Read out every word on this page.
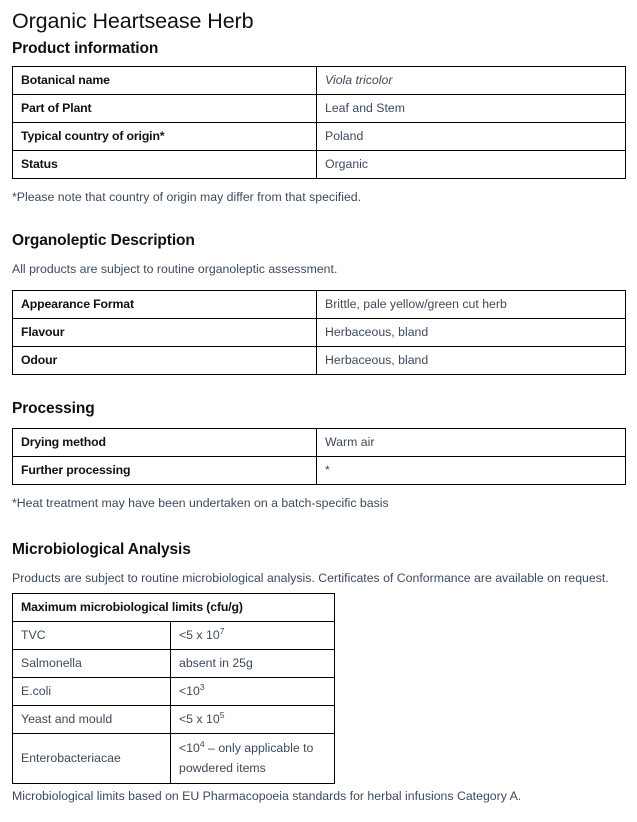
Organic Heartsease Herb
Product information
Botanical name	Viola tricolor
Part of Plant	Leaf and Stem
Typical country of origin*	Poland
Status	Organic

*Please note that country of origin may differ from that specified.

Organoleptic Description

All products are subject to routine organoleptic assessment.

Appearance Format	Brittle, pale yellow/green cut herb
Flavour	Herbaceous, bland
Odour	Herbaceous, bland
Processing
Drying method	Warm air
Further processing	*

*Heat treatment may have been undertaken on a batch-specific basis

Microbiological Analysis

Products are subject to routine microbiological analysis. Certificates of Conformance are available on request.

Maximum microbiological limits (cfu/g)	
TVC	<5 x $10^7$
Salmonella	absent in 25g
E.coli	$<10^3$
Yeast and mould	<5 x $10^5$
Enterobacteriacae	$<10^4$ – only applicable to powdered items

Microbiological limits based on EU Pharmacopoeia standards for herbal infusions Category A.
